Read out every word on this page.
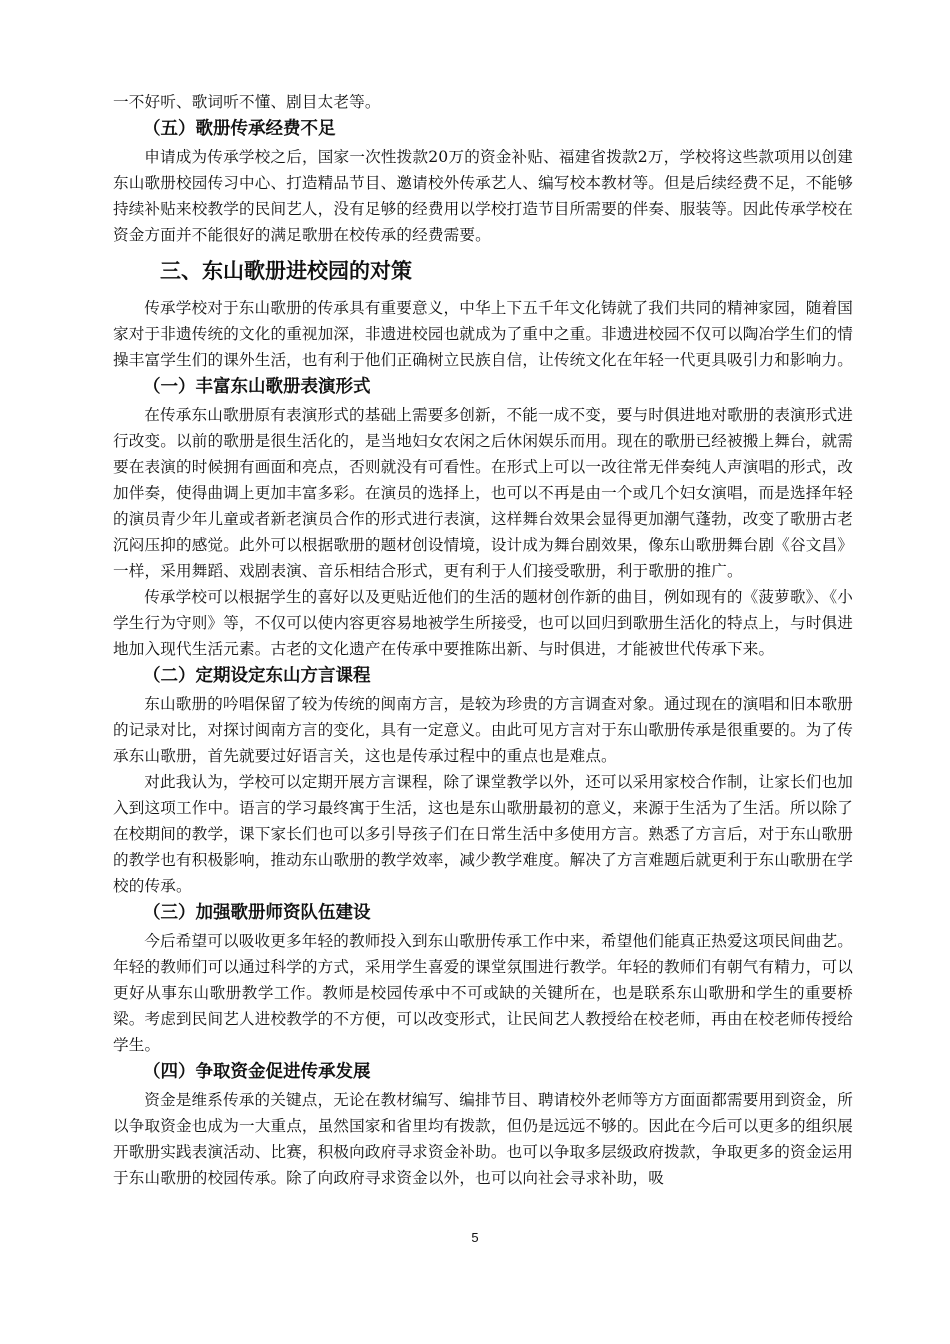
一不好听、歌词听不懂、剧目太老等。

（五）歌册传承经费不足

申请成为传承学校之后，国家一次性拨款20万的资金补贴、福建省拨款2万，学校将这些款项用以创建东山歌册校园传习中心、打造精品节目、邀请校外传承艺人、编写校本教材等。但是后续经费不足，不能够持续补贴来校教学的民间艺人，没有足够的经费用以学校打造节目所需要的伴奏、服装等。因此传承学校在资金方面并不能很好的满足歌册在校传承的经费需要。

三、东山歌册进校园的对策

传承学校对于东山歌册的传承具有重要意义，中华上下五千年文化铸就了我们共同的精神家园，随着国家对于非遗传统的文化的重视加深，非遗进校园也就成为了重中之重。非遗进校园不仅可以陶冶学生们的情操丰富学生们的课外生活，也有利于他们正确树立民族自信，让传统文化在年轻一代更具吸引力和影响力。

（一）丰富东山歌册表演形式

在传承东山歌册原有表演形式的基础上需要多创新，不能一成不变，要与时俱进地对歌册的表演形式进行改变。以前的歌册是很生活化的，是当地妇女农闲之后休闲娱乐而用。现在的歌册已经被搬上舞台，就需要在表演的时候拥有画面和亮点，否则就没有可看性。在形式上可以一改往常无伴奏纯人声演唱的形式，改加伴奏，使得曲调上更加丰富多彩。在演员的选择上，也可以不再是由一个或几个妇女演唱，而是选择年轻的演员青少年儿童或者新老演员合作的形式进行表演，这样舞台效果会显得更加潮气蓬勃，改变了歌册古老沉闷压抑的感觉。此外可以根据歌册的题材创设情境，设计成为舞台剧效果，像东山歌册舞台剧《谷文昌》一样，采用舞蹈、戏剧表演、音乐相结合形式，更有利于人们接受歌册，利于歌册的推广。

传承学校可以根据学生的喜好以及更贴近他们的生活的题材创作新的曲目，例如现有的《菠萝歌》、《小学生行为守则》等，不仅可以使内容更容易地被学生所接受，也可以回归到歌册生活化的特点上，与时俱进地加入现代生活元素。古老的文化遗产在传承中要推陈出新、与时俱进，才能被世代传承下来。

（二）定期设定东山方言课程

东山歌册的吟唱保留了较为传统的闽南方言，是较为珍贵的方言调查对象。通过现在的演唱和旧本歌册的记录对比，对探讨闽南方言的变化，具有一定意义。由此可见方言对于东山歌册传承是很重要的。为了传承东山歌册，首先就要过好语言关，这也是传承过程中的重点也是难点。

对此我认为，学校可以定期开展方言课程，除了课堂教学以外，还可以采用家校合作制，让家长们也加入到这项工作中。语言的学习最终寓于生活，这也是东山歌册最初的意义，来源于生活为了生活。所以除了在校期间的教学，课下家长们也可以多引导孩子们在日常生活中多使用方言。熟悉了方言后，对于东山歌册的教学也有积极影响，推动东山歌册的教学效率，减少教学难度。解决了方言难题后就更利于东山歌册在学校的传承。

（三）加强歌册师资队伍建设

今后希望可以吸收更多年轻的教师投入到东山歌册传承工作中来，希望他们能真正热爱这项民间曲艺。年轻的教师们可以通过科学的方式，采用学生喜爱的课堂氛围进行教学。年轻的教师们有朝气有精力，可以更好从事东山歌册教学工作。教师是校园传承中不可或缺的关键所在，也是联系东山歌册和学生的重要桥梁。考虑到民间艺人进校教学的不方便，可以改变形式，让民间艺人教授给在校老师，再由在校老师传授给学生。

（四）争取资金促进传承发展

资金是维系传承的关键点，无论在教材编写、编排节目、聘请校外老师等方方面面都需要用到资金，所以争取资金也成为一大重点，虽然国家和省里均有拨款，但仍是远远不够的。因此在今后可以更多的组织展开歌册实践表演活动、比赛，积极向政府寻求资金补助。也可以争取多层级政府拨款，争取更多的资金运用于东山歌册的校园传承。除了向政府寻求资金以外，也可以向社会寻求补助，吸

5
